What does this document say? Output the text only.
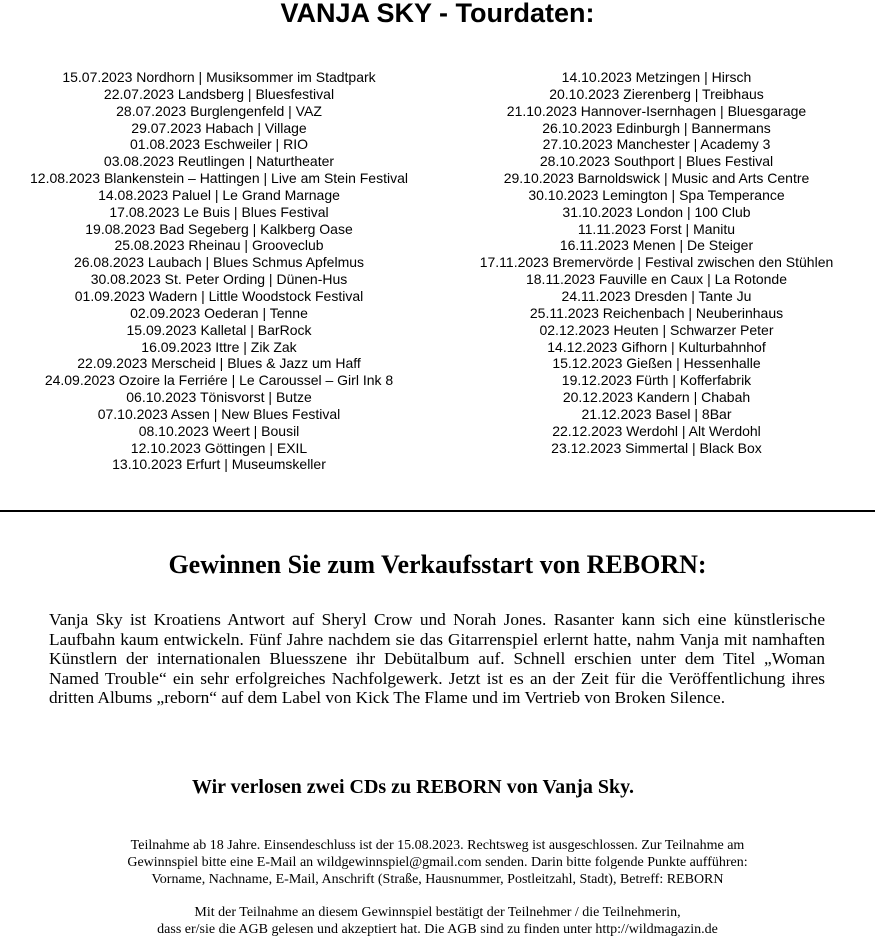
VANJA SKY - Tourdaten:
15.07.2023 Nordhorn | Musiksommer im Stadtpark
22.07.2023 Landsberg | Bluesfestival
28.07.2023 Burglengenfeld | VAZ
29.07.2023 Habach | Village
01.08.2023 Eschweiler | RIO
03.08.2023 Reutlingen | Naturtheater
12.08.2023 Blankenstein – Hattingen | Live am Stein Festival
14.08.2023 Paluel | Le Grand Marnage
17.08.2023 Le Buis | Blues Festival
19.08.2023 Bad Segeberg | Kalkberg Oase
25.08.2023 Rheinau | Grooveclub
26.08.2023 Laubach | Blues Schmus Apfelmus
30.08.2023 St. Peter Ording | Dünen-Hus
01.09.2023 Wadern | Little Woodstock Festival
02.09.2023 Oederan | Tenne
15.09.2023 Kalletal | BarRock
16.09.2023 Ittre | Zik Zak
22.09.2023 Merscheid | Blues & Jazz um Haff
24.09.2023 Ozoire la Ferriére | Le Caroussel – Girl Ink 8
06.10.2023 Tönisvorst | Butze
07.10.2023 Assen | New Blues Festival
08.10.2023 Weert | Bousil
12.10.2023 Göttingen | EXIL
13.10.2023 Erfurt | Museumskeller
14.10.2023 Metzingen | Hirsch
20.10.2023 Zierenberg | Treibhaus
21.10.2023 Hannover-Isernhagen | Bluesgarage
26.10.2023 Edinburgh | Bannermans
27.10.2023 Manchester | Academy 3
28.10.2023 Southport | Blues Festival
29.10.2023 Barnoldswick | Music and Arts Centre
30.10.2023 Lemington | Spa Temperance
31.10.2023 London | 100 Club
11.11.2023 Forst | Manitu
16.11.2023 Menen | De Steiger
17.11.2023 Bremervörde | Festival zwischen den Stühlen
18.11.2023 Fauville en Caux | La Rotonde
24.11.2023 Dresden | Tante Ju
25.11.2023 Reichenbach | Neuberinhaus
02.12.2023 Heuten | Schwarzer Peter
14.12.2023 Gifhorn | Kulturbahnhof
15.12.2023 Gießen | Hessenhalle
19.12.2023 Fürth | Kofferfabrik
20.12.2023 Kandern | Chabah
21.12.2023 Basel | 8Bar
22.12.2023 Werdohl | Alt Werdohl
23.12.2023 Simmertal | Black Box
Gewinnen Sie zum Verkaufsstart von REBORN:

Vanja Sky ist Kroatiens Antwort auf Sheryl Crow und Norah Jones. Rasanter kann sich eine künstlerische Laufbahn kaum entwickeln. Fünf Jahre nachdem sie das Gitarrenspiel erlernt hatte, nahm Vanja mit namhaften Künstlern der internationalen Bluesszene ihr Debütalbum auf. Schnell erschien unter dem Titel „Woman Named Trouble“ ein sehr erfolgreiches Nachfolgewerk. Jetzt ist es an der Zeit für die Veröffentlichung ihres dritten Albums „reborn“ auf dem Label von Kick The Flame und im Vertrieb von Broken Silence.

Wir verlosen zwei CDs zu REBORN von Vanja Sky.

Teilnahme ab 18 Jahre. Einsendeschluss ist der 15.08.2023. Rechtsweg ist ausgeschlossen. Zur Teilnahme am
Gewinnspiel bitte eine E-Mail an wildgewinnspiel@gmail.com senden. Darin bitte folgende Punkte aufführen:
Vorname, Nachname, E-Mail, Anschrift (Straße, Hausnummer, Postleitzahl, Stadt), Betreff: REBORN

Mit der Teilnahme an diesem Gewinnspiel bestätigt der Teilnehmer / die Teilnehmerin,
dass er/sie die AGB gelesen und akzeptiert hat. Die AGB sind zu finden unter http://wildmagazin.de
